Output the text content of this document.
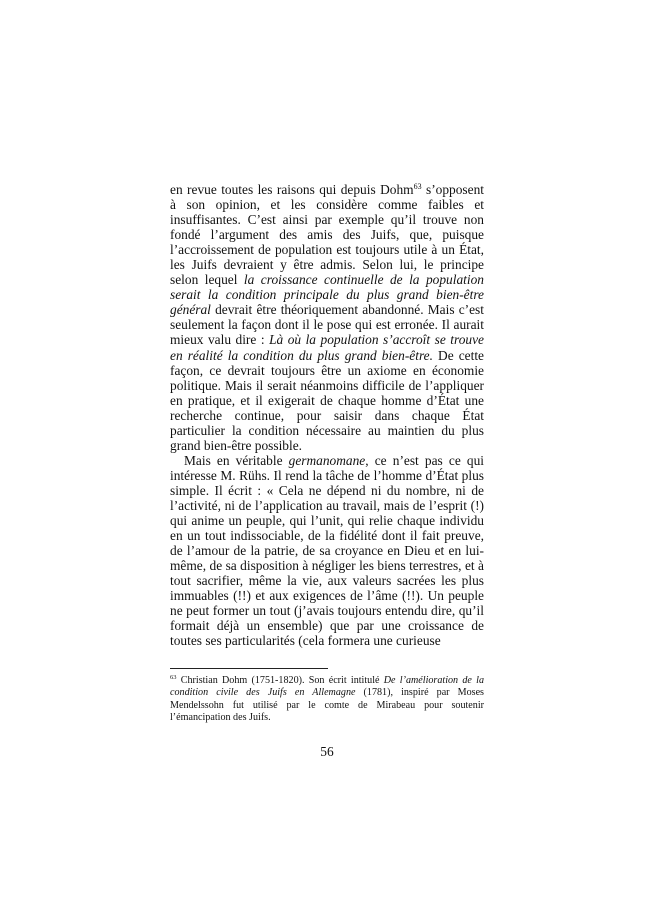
en revue toutes les raisons qui depuis Dohm$^{63}$ s’opposent à son opinion, et les considère comme faibles et insuffisantes. C’est ainsi par exemple qu’il trouve non fondé l’argument des amis des Juifs, que, puisque l’accroissement de population est toujours utile à un État, les Juifs devraient y être admis. Selon lui, le principe selon lequel la croissance continuelle de la population serait la condition principale du plus grand bien-être général devrait être théoriquement abandonné. Mais c’est seulement la façon dont il le pose qui est erronée. Il aurait mieux valu dire : Là où la population s’accroît se trouve en réalité la condition du plus grand bien-être. De cette façon, ce devrait toujours être un axiome en économie politique. Mais il serait néanmoins difficile de l’appliquer en pratique, et il exigerait de chaque homme d’État une recherche continue, pour saisir dans chaque État particulier la condition nécessaire au maintien du plus grand bien-être possible.

Mais en véritable germanomane, ce n’est pas ce qui intéresse M. Rühs. Il rend la tâche de l’homme d’État plus simple. Il écrit : « Cela ne dépend ni du nombre, ni de l’activité, ni de l’application au travail, mais de l’esprit (!) qui anime un peuple, qui l’unit, qui relie chaque individu en un tout indissociable, de la fidélité dont il fait preuve, de l’amour de la patrie, de sa croyance en Dieu et en lui-même, de sa disposition à négliger les biens terrestres, et à tout sacrifier, même la vie, aux valeurs sacrées les plus immuables (!!) et aux exigences de l’âme (!!). Un peuple ne peut former un tout (j’avais toujours entendu dire, qu’il formait déjà un ensemble) que par une croissance de toutes ses particularités (cela formera une curieuse

$^{63}$ Christian Dohm (1751-1820). Son écrit intitulé De l’amélioration de la condition civile des Juifs en Allemagne (1781), inspiré par Moses Mendelssohn fut utilisé par le comte de Mirabeau pour soutenir l’émancipation des Juifs.

56
